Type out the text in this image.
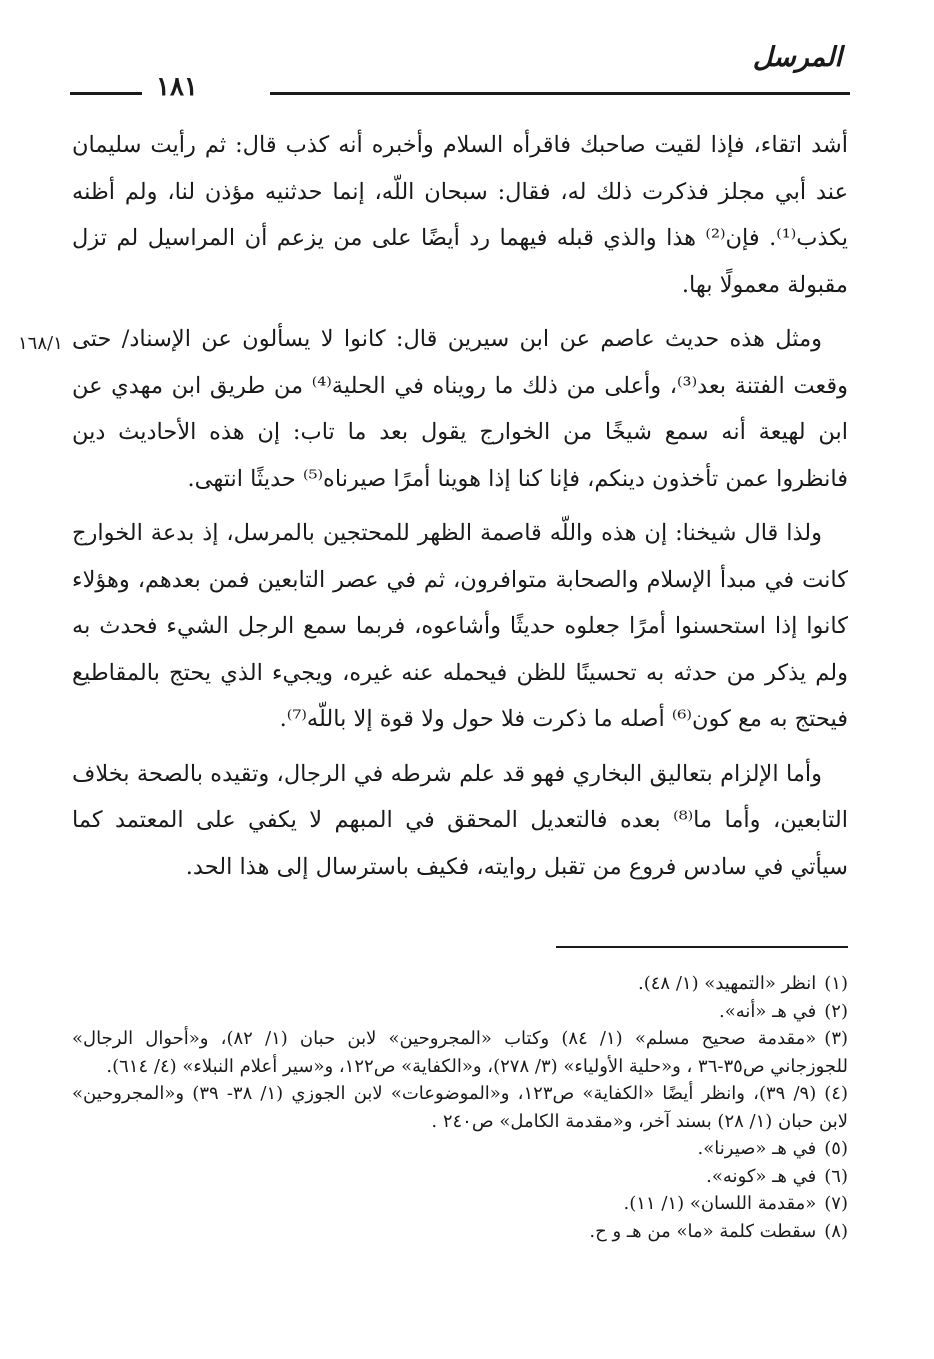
المرسل
١٨١
١٦٨/١

أشد اتقاء، فإذا لقيت صاحبك فاقرأه السلام وأخبره أنه كذب قال: ثم رأيت سليمان عند أبي مجلز فذكرت ذلك له، فقال: سبحان اللّه، إنما حدثنيه مؤذن لنا، ولم أظنه يكذب⁽¹⁾. فإن⁽²⁾ هذا والذي قبله فيهما رد أيضًا على من يزعم أن المراسيل لم تزل مقبولة معمولًا بها.

ومثل هذه حديث عاصم عن ابن سيرين قال: كانوا لا يسألون عن الإسناد/ حتى وقعت الفتنة بعد⁽³⁾، وأعلى من ذلك ما رويناه في الحلية⁽⁴⁾ من طريق ابن مهدي عن ابن لهيعة أنه سمع شيخًا من الخوارج يقول بعد ما تاب: إن هذه الأحاديث دين فانظروا عمن تأخذون دينكم، فإنا كنا إذا هوينا أمرًا صيرناه⁽⁵⁾ حديثًا انتهى.

ولذا قال شيخنا: إن هذه واللّه قاصمة الظهر للمحتجين بالمرسل، إذ بدعة الخوارج كانت في مبدأ الإسلام والصحابة متوافرون، ثم في عصر التابعين فمن بعدهم، وهؤلاء كانوا إذا استحسنوا أمرًا جعلوه حديثًا وأشاعوه، فربما سمع الرجل الشيء فحدث به ولم يذكر من حدثه به تحسينًا للظن فيحمله عنه غيره، ويجيء الذي يحتج بالمقاطيع فيحتج به مع كون⁽⁶⁾ أصله ما ذكرت فلا حول ولا قوة إلا باللّه⁽⁷⁾.

وأما الإلزام بتعاليق البخاري فهو قد علم شرطه في الرجال، وتقيده بالصحة بخلاف التابعين، وأما ما⁽⁸⁾ بعده فالتعديل المحقق في المبهم لا يكفي على المعتمد كما سيأتي في سادس فروع من تقبل روايته، فكيف باسترسال إلى هذا الحد.

(١)انظر «التمهيد» (١/ ٤٨).
(٢)في هـ «أنه».
(٣)«مقدمة صحيح مسلم» (١/ ٨٤) وكتاب «المجروحين» لابن حبان (١/ ٨٢)، و«أحوال الرجال» للجوزجاني ص٣٥-٣٦ ، و«حلية الأولياء» (٣/ ٢٧٨)، و«الكفاية» ص١٢٢، و«سير أعلام النبلاء» (٤/ ٦١٤).
(٤)(٩/ ٣٩)، وانظر أيضًا «الكفاية» ص١٢٣، و«الموضوعات» لابن الجوزي (١/ ٣٨- ٣٩) و«المجروحين» لابن حبان (١/ ٢٨) بسند آخر، و«مقدمة الكامل» ص٢٤٠ .
(٥)في هـ «صيرنا».
(٦)في هـ «كونه».
(٧)«مقدمة اللسان» (١/ ١١).
(٨)سقطت كلمة «ما» من هـ و ح.
